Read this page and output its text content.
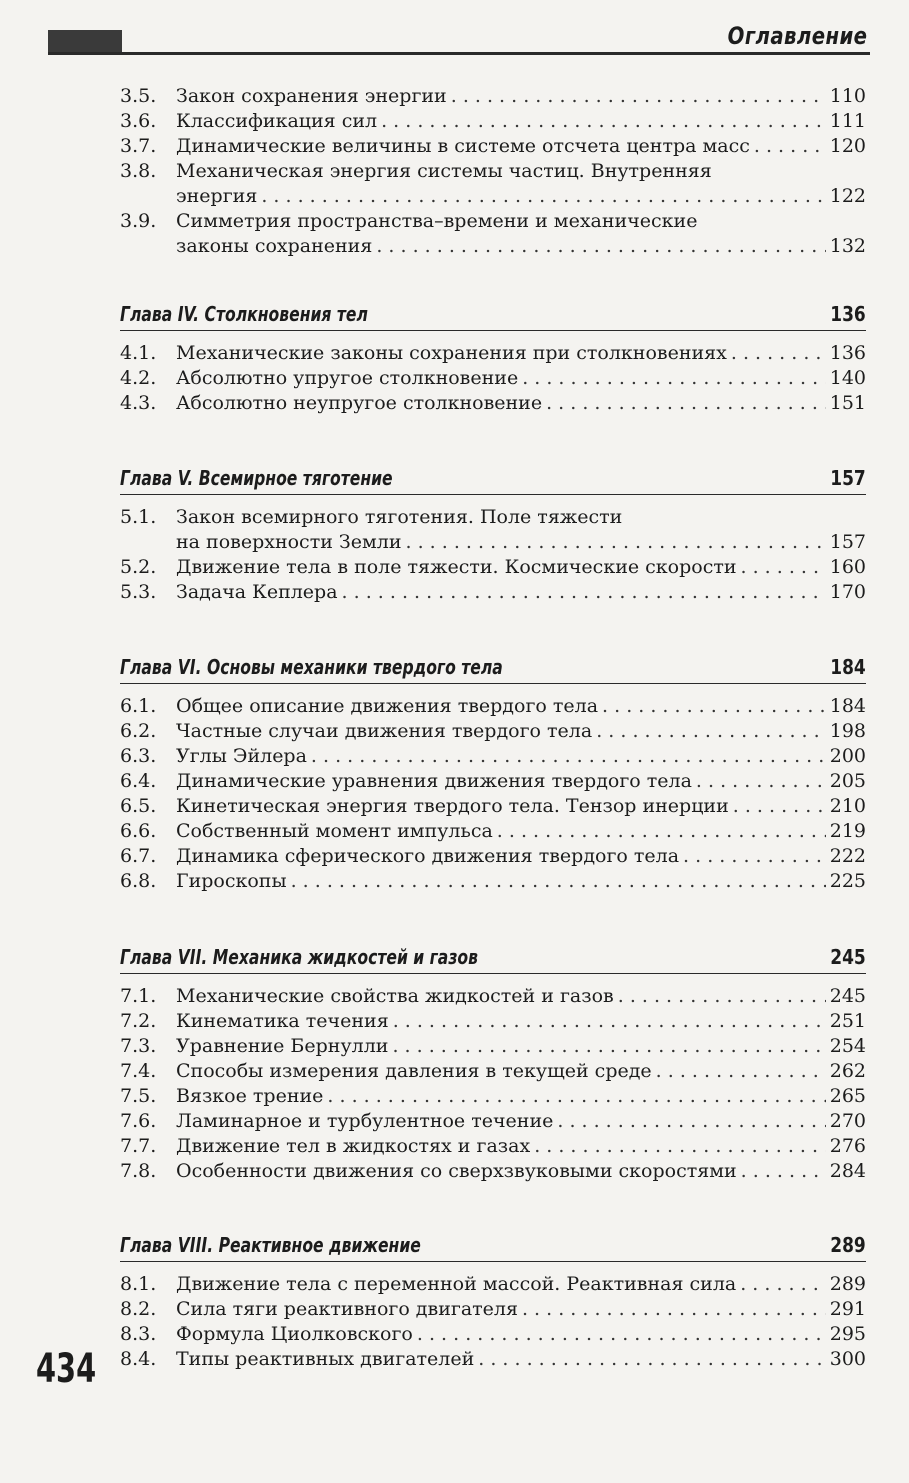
Оглавление
434
3.5. Закон сохранения энергии . . .	110
3.6. Классификация сил . . .	111
3.7. Динамические величины в системе отсчета центра масс . . .	120
3.8. Механическая энергия системы частиц. Внутренняя
энергия . . .	122
3.9. Симметрия пространства–времени и механические
законы сохранения . . .	132
Глава IV. Столкновения тел	136
4.1. Механические законы сохранения при столкновениях . . .	136
4.2. Абсолютно упругое столкновение . . .	140
4.3. Абсолютно неупругое столкновение . . .	151
Глава V. Всемирное тяготение	157
5.1. Закон всемирного тяготения. Поле тяжести
на поверхности Земли . . .	157
5.2. Движение тела в поле тяжести. Космические скорости . . .	160
5.3. Задача Кеплера . . .	170
Глава VI. Основы механики твердого тела	184
6.1. Общее описание движения твердого тела . . .	184
6.2. Частные случаи движения твердого тела . . .	198
6.3. Углы Эйлера . . .	200
6.4. Динамические уравнения движения твердого тела . . .	205
6.5. Кинетическая энергия твердого тела. Тензор инерции . . .	210
6.6. Собственный момент импульса . . .	219
6.7. Динамика сферического движения твердого тела . . .	222
6.8. Гироскопы . . .	225
Глава VII. Механика жидкостей и газов	245
7.1. Механические свойства жидкостей и газов . . .	245
7.2. Кинематика течения . . .	251
7.3. Уравнение Бернулли . . .	254
7.4. Способы измерения давления в текущей среде . . .	262
7.5. Вязкое трение . . .	265
7.6. Ламинарное и турбулентное течение . . .	270
7.7. Движение тел в жидкостях и газах . . .	276
7.8. Особенности движения со сверхзвуковыми скоростями . . .	284
Глава VIII. Реактивное движение	289
8.1. Движение тела с переменной массой. Реактивная сила . . .	289
8.2. Сила тяги реактивного двигателя . . .	291
8.3. Формула Циолковского . . .	295
8.4. Типы реактивных двигателей . . .	300
